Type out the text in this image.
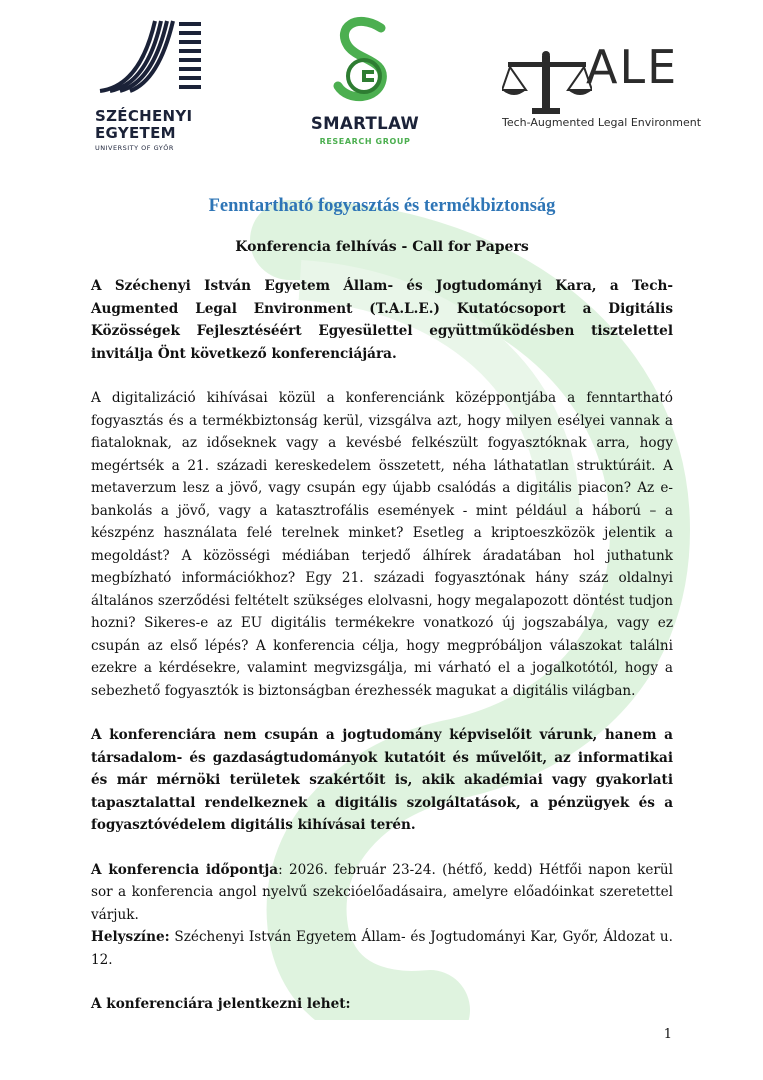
SZÉCHENYI
EGYETEM
UNIVERSITY OF GYŐR
SMARTLAW
RESEARCH GROUP
ALE
Tech-Augmented Legal Environment
Fenntartható fogyasztás és termékbiztonság
Konferencia felhívás - Call for Papers

A Széchenyi István Egyetem Állam- és Jogtudományi Kara, a Tech-Augmented Legal Environment (T.A.L.E.) Kutatócsoport a Digitális Közösségek Fejlesztéséért Egyesülettel együttműködésben tisztelettel invitálja Önt következő konferenciájára.

A digitalizáció kihívásai közül a konferenciánk középpontjába a fenntartható fogyasztás és a termékbiztonság kerül, vizsgálva azt, hogy milyen esélyei vannak a fiataloknak, az időseknek vagy a kevésbé felkészült fogyasztóknak arra, hogy megértsék a 21. századi kereskedelem összetett, néha láthatatlan struktúráit. A metaverzum lesz a jövő, vagy csupán egy újabb csalódás a digitális piacon? Az e-bankolás a jövő, vagy a katasztrofális események - mint például a háború – a készpénz használata felé terelnek minket? Esetleg a kriptoeszközök jelentik a megoldást? A közösségi médiában terjedő álhírek áradatában hol juthatunk megbízható információkhoz? Egy 21. századi fogyasztónak hány száz oldalnyi általános szerződési feltételt szükséges elolvasni, hogy megalapozott döntést tudjon hozni? Sikeres-e az EU digitális termékekre vonatkozó új jogszabálya, vagy ez csupán az első lépés? A konferencia célja, hogy megpróbáljon válaszokat találni ezekre a kérdésekre, valamint megvizsgálja, mi várható el a jogalkotótól, hogy a sebezhető fogyasztók is biztonságban érezhessék magukat a digitális világban.

A konferenciára nem csupán a jogtudomány képviselőit várunk, hanem a társadalom- és gazdaságtudományok kutatóit és művelőit, az informatikai és már mérnöki területek szakértőit is, akik akadémiai vagy gyakorlati tapasztalattal rendelkeznek a digitális szolgáltatások, a pénzügyek és a fogyasztóvédelem digitális kihívásai terén.

A konferencia időpontja: 2026. február 23-24. (hétfő, kedd) Hétfői napon kerül sor a konferencia angol nyelvű szekcióelőadásaira, amelyre előadóinkat szeretettel várjuk.

Helyszíne: Széchenyi István Egyetem Állam- és Jogtudományi Kar, Győr, Áldozat u. 12.

A konferenciára jelentkezni lehet:

1
